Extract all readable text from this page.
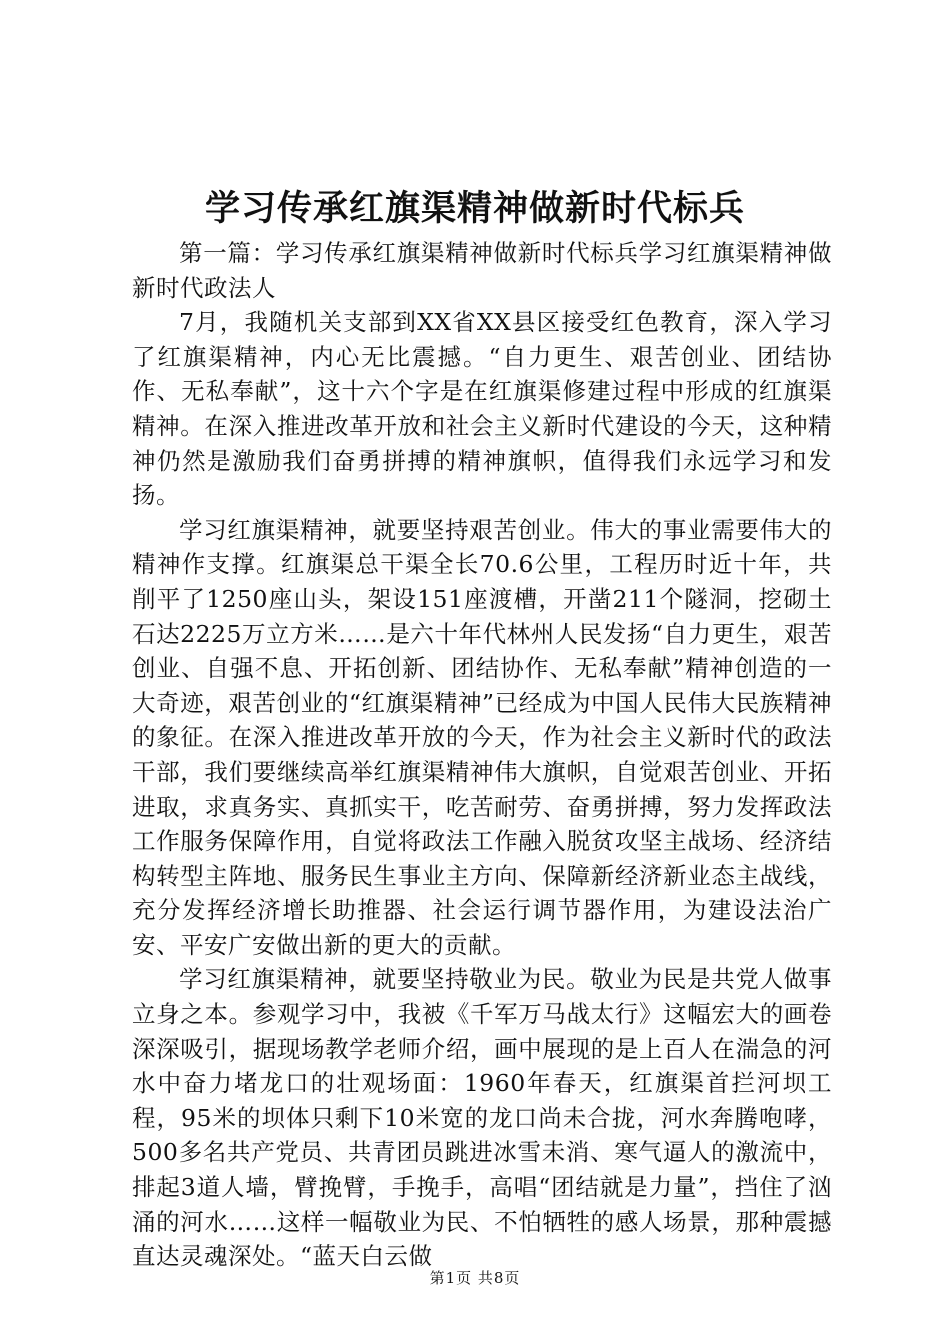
学习传承红旗渠精神做新时代标兵

第一篇：学习传承红旗渠精神做新时代标兵学习红旗渠精神做新时代政法人

7月，我随机关支部到XX省XX县区接受红色教育，深入学习了红旗渠精神，内心无比震撼。“自力更生、艰苦创业、团结协作、无私奉献”，这十六个字是在红旗渠修建过程中形成的红旗渠精神。在深入推进改革开放和社会主义新时代建设的今天，这种精神仍然是激励我们奋勇拼搏的精神旗帜，值得我们永远学习和发扬。

学习红旗渠精神，就要坚持艰苦创业。伟大的事业需要伟大的精神作支撑。红旗渠总干渠全长70.6公里，工程历时近十年，共削平了1250座山头，架设151座渡槽，开凿211个隧洞，挖砌土石达2225万立方米……是六十年代林州人民发扬“自力更生，艰苦创业、自强不息、开拓创新、团结协作、无私奉献”精神创造的一大奇迹，艰苦创业的“红旗渠精神”已经成为中国人民伟大民族精神的象征。在深入推进改革开放的今天，作为社会主义新时代的政法干部，我们要继续高举红旗渠精神伟大旗帜，自觉艰苦创业、开拓进取，求真务实、真抓实干，吃苦耐劳、奋勇拼搏，努力发挥政法工作服务保障作用，自觉将政法工作融入脱贫攻坚主战场、经济结构转型主阵地、服务民生事业主方向、保障新经济新业态主战线，充分发挥经济增长助推器、社会运行调节器作用，为建设法治广安、平安广安做出新的更大的贡献。

学习红旗渠精神，就要坚持敬业为民。敬业为民是共党人做事立身之本。参观学习中，我被《千军万马战太行》这幅宏大的画卷深深吸引，据现场教学老师介绍，画中展现的是上百人在湍急的河水中奋力堵龙口的壮观场面：1960年春天，红旗渠首拦河坝工程，95米的坝体只剩下10米宽的龙口尚未合拢，河水奔腾咆哮，500多名共产党员、共青团员跳进冰雪未消、寒气逼人的激流中，排起3道人墙，臂挽臂，手挽手，高唱“团结就是力量”，挡住了汹涌的河水……这样一幅敬业为民、不怕牺牲的感人场景，那种震撼直达灵魂深处。“蓝天白云做

第1页 共8页
